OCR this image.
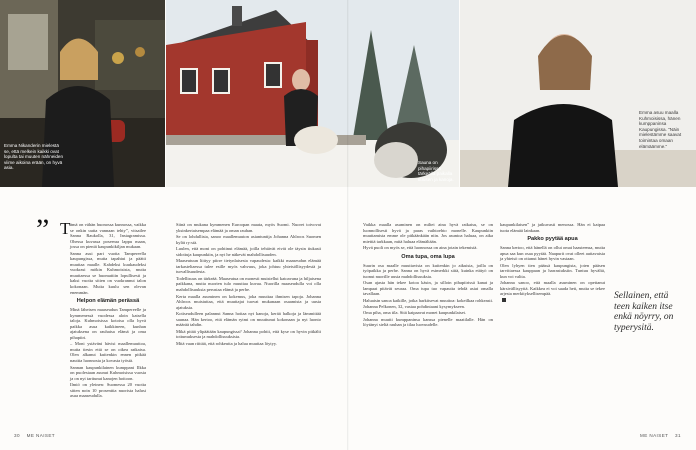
Emma Nikanderin mielestä se, että melkein kaikki ovat lopulta tai muuten nähneiden viime aikoina erään, on hyvä asia.
Sauna on pihapiirissä tärkeällä paikalla kuusen ja kanoja.
Emma asuu maalla Kuhmoisissa, hänen kumppaninsa Kaupungissa. "Näin mielestämme saavat toimintaa omaan elämäämme."
” T ämä on vähän huonossa kunnossa, vaikka se onkin uutta vannaan tehty”, vitsailee Sanna Raukolla, 31, Instagramissa. Ohessa kuvassa poseeraa lappu maan, jossa on pieniä kaupunkikiljan mukaan.

Sanna asui pari vuotta Tampereella kaupungissa, mutta tapahtui ja päätti muuttaa maalle. Kahdeksi kuukaudeksi vuokrasi mökin Kuhmoisista, mutta muuttaessa se huomattiin lopullisesti ja kaksi vuotta sitten on vuokrannut talon kokonaan. Mutta kuulu sen olevan enemmän.

Helpon elämän perässä

Minä läheisen maaseudun Tampereelle ja kymmenessä vuodessa aloin katsella taloja. Kuhmoisissa kotoisa olla hyvä paikka asua kaikkineen, kunhan ajatuksena on rauhaisa elämä ja oma pihapiiri.

– Moni ystäväni hävisi maallemuuttoa, mutta tiesin että se on oikea ratkaisu. Olen alkanut kuitenkin ennen pitkää nauttia luonnosta ja kovasta työstä.

Sannan kaupunkilainen kumppani Ilkka on puolestaan asunut Kuhmoisissa vuosia ja on nyt tarttunut kanojen hoitoon.

Ilmiö on yleinen: Suomessa 20 vuotta sitten noin 10 prosenttia nuorista halusi asua maaseudulla.

Siinä on mukana kymmenen Euroopan maata, myös Suomi. Nuoret toivovat yksinkertaisempaa elämää ja oman rauhan.

Se on lohdullista, sanoo maallemuuton asiantuntija Johanna Ahlroos Suomen kylät ry:stä.

Luulen, että moni on pohtinut elämää, joilla tehtävät eivät ole täysin tiukasti sidottuja kaupunkiin, ja nyt he näkevät mahdollisuuden.

Maaseutuun liittyy piirre tietynlaisesta vapaudesta: kaikki maaseudun elämää tarkasteltaessa tulee esille myös vahvuus, joka johtuu yhteisöllisyydestä ja turvallisuudesta.

Todellisuus on tärkeää. Maaseutua on monesti muistellut katoavana ja hiljaisena paikkana, mutta nuorien tulo muuttaa kuvaa. Nuorilla maaseudulla voi olla mahdollisuuksia perustaa elämä ja perhe.

Kerta maalla asuminen on kokemus, joka muuttaa ihmisen tapoja. Johanna Ahlroos muistuttaa, että muuttajat tuovat mukanaan osaamista ja uusia ajatuksia.

Kotiseudulleen palannut Sanna hoitaa nyt kanoja, kerää halkoja ja lämmittää saunaa. Hän kertoo, että elämän rytmi on muuttunut kokonaan ja nyt luonto määrää tahdin.

Mikä pitää ylipäätään kaupungissa? Johanna pohtii, että kyse on hyvin pitkälti tottumuksesta ja mahdollisuuksista.

Mitä vaan riittää, että rohkeutta ja halua muuttaa löytyy.

Vaikka maalla asuminen on miltei aina hyvä ratkaisu, se on luonnollisesti hyvä ja paras vaihtoehto monelle. Kaupunkiin muuttamista emme ole pitkäänkään niin. Jos asuntoa haluaa, on aika miettiä tarkkaan, mitä haluaa elämältään.

Hyvä puoli on myös se, että luonnossa on aina jotain tekemistä.

Oma tupa, oma lupa

Suurin osa maalle muuttavista on kuitenkin jo aikuisia, joilla on työpaikka ja perhe. Sanna on hyvä esimerkki siitä, kuinka etätyö on tuonut nuorille uusia mahdollisuuksia.

Osan ajasta hän tekee kotoa käsin, ja silloin pihapiirissä kanat ja lampaat pitävät seuraa. Oma tupa tuo vapautta tehdä asiat omalla tavallaan.

Haluaisin sanoa kaikille, jotka harkitsevat muuttoa: kokeilkaa rohkeasti. Johanna Pelkonen, 32, vastaa pohdintaani kysymykseen.

Oma piha, oma tila. Sitä kaipaavat monet kaupunkilaiset.

Johanna muutti kumppaninsa kanssa pienelle maatilalle. Hän on löytänyt sieltä rauhan ja tilaa luovuudelle.

kaupunkilaisen” ja jatkuvasti menossa. Hän ei kaipaa tuota elämää lainkaan.

Pakko pyytää apua

Sanna kertoo, että hänellä on ollut omat haasteensa, mutta apua saa kun osaa pyytää. Naapurit ovat olleet auttavaisia ja yhteisö on ottanut hänet hyvin vastaan.

Olen lyhyen tien päässä kaupungista, joten pääsen tarvittaessa kauppaan ja harrastuksiin. Tuntuu hyvältä, kun voi valita.

Johanna sanoo, että maalla asuminen on opettanut kärsivällisyyttä. Kaikkea ei voi saada heti, mutta se tekee arjesta merkityksellisempää.	Sellainen, että teen kaiken itse enkä nöyrry, on typerysitä.
30 ME NAISET	ME NAISET 31
